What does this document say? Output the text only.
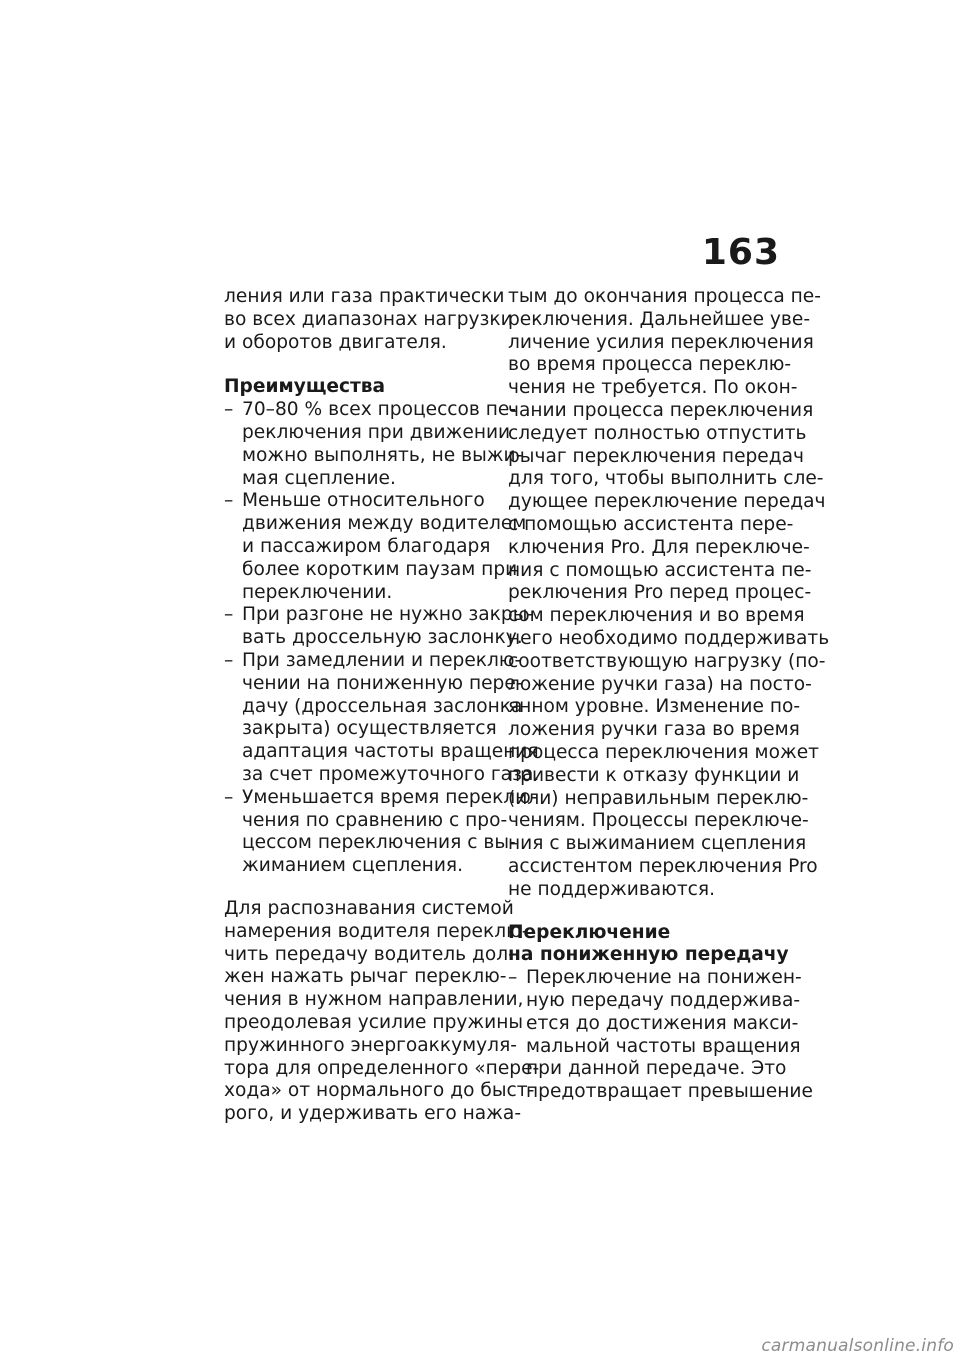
163
ления или газа практически
во всех диапазонах нагрузки
и оборотов двигателя.
Преимущества
– 70–80 % всех процессов пе-
реключения при движении
можно выполнять, не выжи-
мая сцепление.
– Меньше относительного
движения между водителем
и пассажиром благодаря
более коротким паузам при
переключении.
– При разгоне не нужно закры-
вать дроссельную заслонку.
– При замедлении и переклю-
чении на пониженную пере-
дачу (дроссельная заслонка
закрыта) осуществляется
адаптация частоты вращения
за счет промежуточного газа.
– Уменьшается время переклю-
чения по сравнению с про-
цессом переключения с вы-
жиманием сцепления.
Для распознавания системой
намерения водителя переклю-
чить передачу водитель дол-
жен нажать рычаг переклю-
чения в нужном направлении,
преодолевая усилие пружины
пружинного энергоаккумуля-
тора для определенного «пере-
хода» от нормального до быст-
рого, и удерживать его нажа-
тым до окончания процесса пе-
реключения. Дальнейшее уве-
личение усилия переключения
во время процесса переклю-
чения не требуется. По окон-
чании процесса переключения
следует полностью отпустить
рычаг переключения передач
для того, чтобы выполнить сле-
дующее переключение передач
с помощью ассистента пере-
ключения Pro. Для переключе-
ния с помощью ассистента пе-
реключения Pro перед процес-
сом переключения и во время
него необходимо поддерживать
соответствующую нагрузку (по-
ложение ручки газа) на посто-
янном уровне. Изменение по-
ложения ручки газа во время
процесса переключения может
привести к отказу функции и
(или) неправильным переклю-
чениям. Процессы переключе-
ния с выжиманием сцепления
ассистентом переключения Pro
не поддерживаются.
Переключение
на пониженную передачу
– Переключение на понижен-
ную передачу поддержива-
ется до достижения макси-
мальной частоты вращения
при данной передаче. Это
предотвращает превышение
carmanualsonline.info
